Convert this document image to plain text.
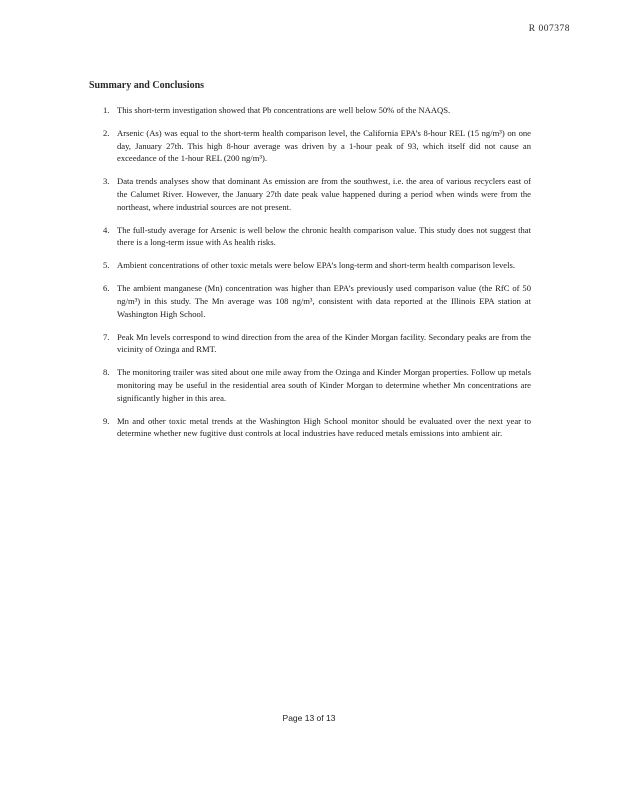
R 007378
Summary and Conclusions
1. This short-term investigation showed that Pb concentrations are well below 50% of the NAAQS.
2. Arsenic (As) was equal to the short-term health comparison level, the California EPA’s 8-hour REL (15 ng/m³) on one day, January 27th. This high 8-hour average was driven by a 1-hour peak of 93, which itself did not cause an exceedance of the 1-hour REL (200 ng/m³).
3. Data trends analyses show that dominant As emission are from the southwest, i.e. the area of various recyclers east of the Calumet River. However, the January 27th date peak value happened during a period when winds were from the northeast, where industrial sources are not present.
4. The full-study average for Arsenic is well below the chronic health comparison value. This study does not suggest that there is a long-term issue with As health risks.
5. Ambient concentrations of other toxic metals were below EPA’s long-term and short-term health comparison levels.
6. The ambient manganese (Mn) concentration was higher than EPA’s previously used comparison value (the RfC of 50 ng/m³) in this study. The Mn average was 108 ng/m³, consistent with data reported at the Illinois EPA station at Washington High School.
7. Peak Mn levels correspond to wind direction from the area of the Kinder Morgan facility. Secondary peaks are from the vicinity of Ozinga and RMT.
8. The monitoring trailer was sited about one mile away from the Ozinga and Kinder Morgan properties. Follow up metals monitoring may be useful in the residential area south of Kinder Morgan to determine whether Mn concentrations are significantly higher in this area.
9. Mn and other toxic metal trends at the Washington High School monitor should be evaluated over the next year to determine whether new fugitive dust controls at local industries have reduced metals emissions into ambient air.
Page 13 of 13
